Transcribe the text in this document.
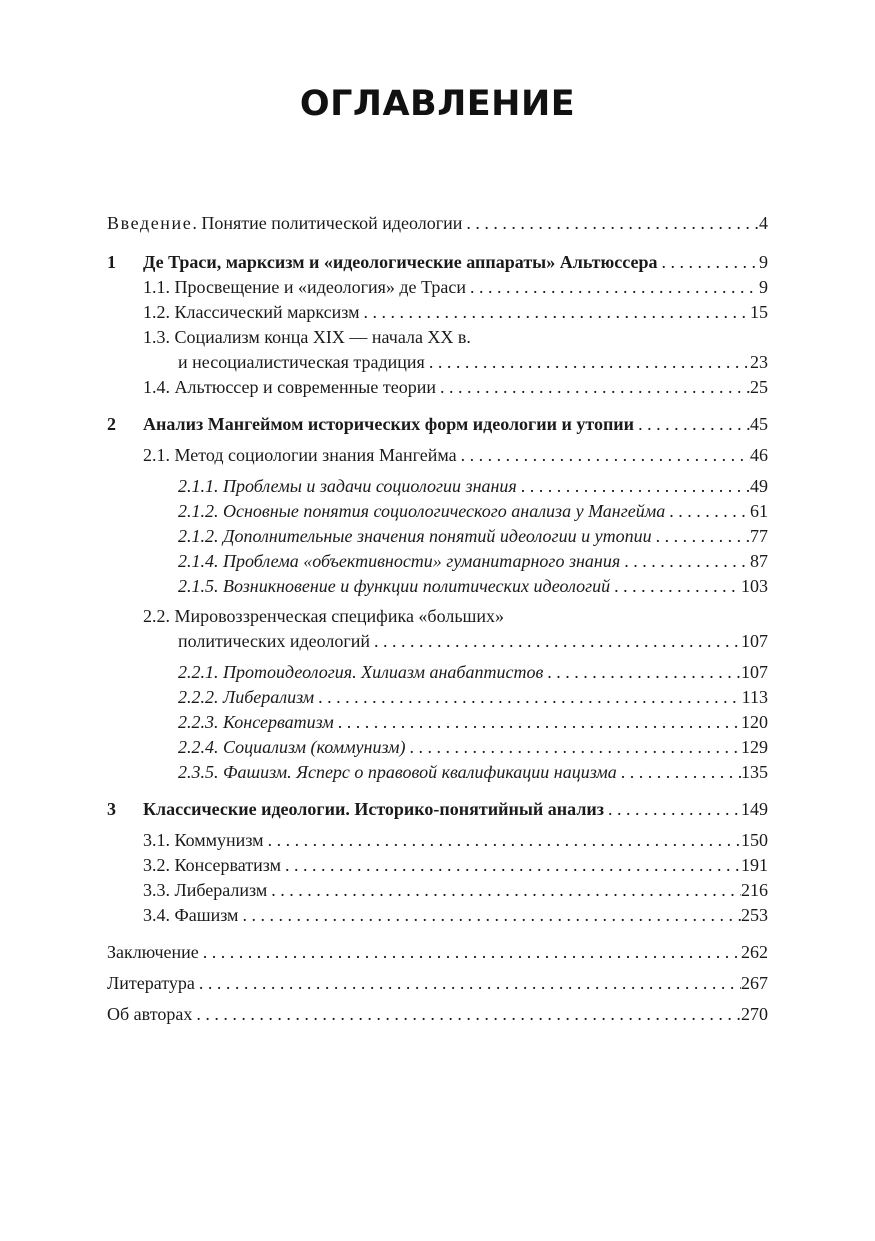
ОГЛАВЛЕНИЕ
Введение. Понятие политической идеологии . . .	4
1	Де Траси, марксизм и «идеологические аппараты» Альтюссера . . .	9
1.1. Просвещение и «идеология» де Траси . . .	9
1.2. Классический марксизм . . .	15
1.3. Социализм конца XIX — начала XX в.
и несоциалистическая традиция . . .	23
1.4. Альтюссер и современные теории . . .	25
2	Анализ Мангеймом исторических форм идеологии и утопии . . .	45
2.1. Метод социологии знания Мангейма . . .	46
2.1.1. Проблемы и задачи социологии знания . . .	49
2.1.2. Основные понятия социологического анализа у Мангейма . . .	61
2.1.2. Дополнительные значения понятий идеологии и утопии . . .	77
2.1.4. Проблема «объективности» гуманитарного знания . . .	87
2.1.5. Возникновение и функции политических идеологий . . .	103
2.2. Мировоззренческая специфика «больших»
политических идеологий . . .	107
2.2.1. Протоидеология. Хилиазм анабаптистов . . .	107
2.2.2. Либерализм . . .	113
2.2.3. Консерватизм . . .	120
2.2.4. Социализм (коммунизм) . . .	129
2.3.5. Фашизм. Ясперс о правовой квалификации нацизма . . .	135
3	Классические идеологии. Историко-понятийный анализ . . .	149
3.1. Коммунизм . . .	150
3.2. Консерватизм . . .	191
3.3. Либерализм . . .	216
3.4. Фашизм . . .	253
Заключение . . .	262
Литература . . .	267
Об авторах . . .	270
